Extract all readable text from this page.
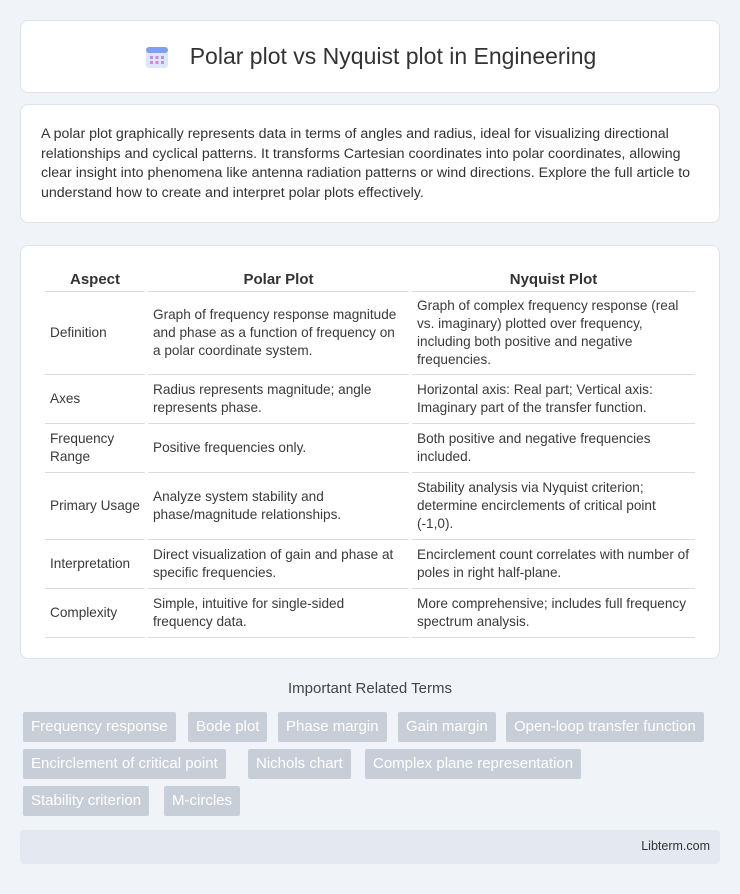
Polar plot vs Nyquist plot in Engineering

A polar plot graphically represents data in terms of angles and radius, ideal for visualizing directional relationships and cyclical patterns. It transforms Cartesian coordinates into polar coordinates, allowing clear insight into phenomena like antenna radiation patterns or wind directions. Explore the full article to understand how to create and interpret polar plots effectively.

Aspect	Polar Plot	Nyquist Plot
Definition	Graph of frequency response magnitude and phase as a function of frequency on a polar coordinate system.	Graph of complex frequency response (real vs. imaginary) plotted over frequency, including both positive and negative frequencies.
Axes	Radius represents magnitude; angle represents phase.	Horizontal axis: Real part; Vertical axis: Imaginary part of the transfer function.
Frequency Range	Positive frequencies only.	Both positive and negative frequencies included.
Primary Usage	Analyze system stability and phase/magnitude relationships.	Stability analysis via Nyquist criterion; determine encirclements of critical point (-1,0).
Interpretation	Direct visualization of gain and phase at specific frequencies.	Encirclement count correlates with number of poles in right half-plane.
Complexity	Simple, intuitive for single-sided frequency data.	More comprehensive; includes full frequency spectrum analysis.
Important Related Terms
Frequency response	Bode plot	Phase margin	Gain margin	Open-loop transfer function
Encirclement of critical point	Nichols chart	Complex plane representation
Stability criterion	M-circles
Libterm.com
